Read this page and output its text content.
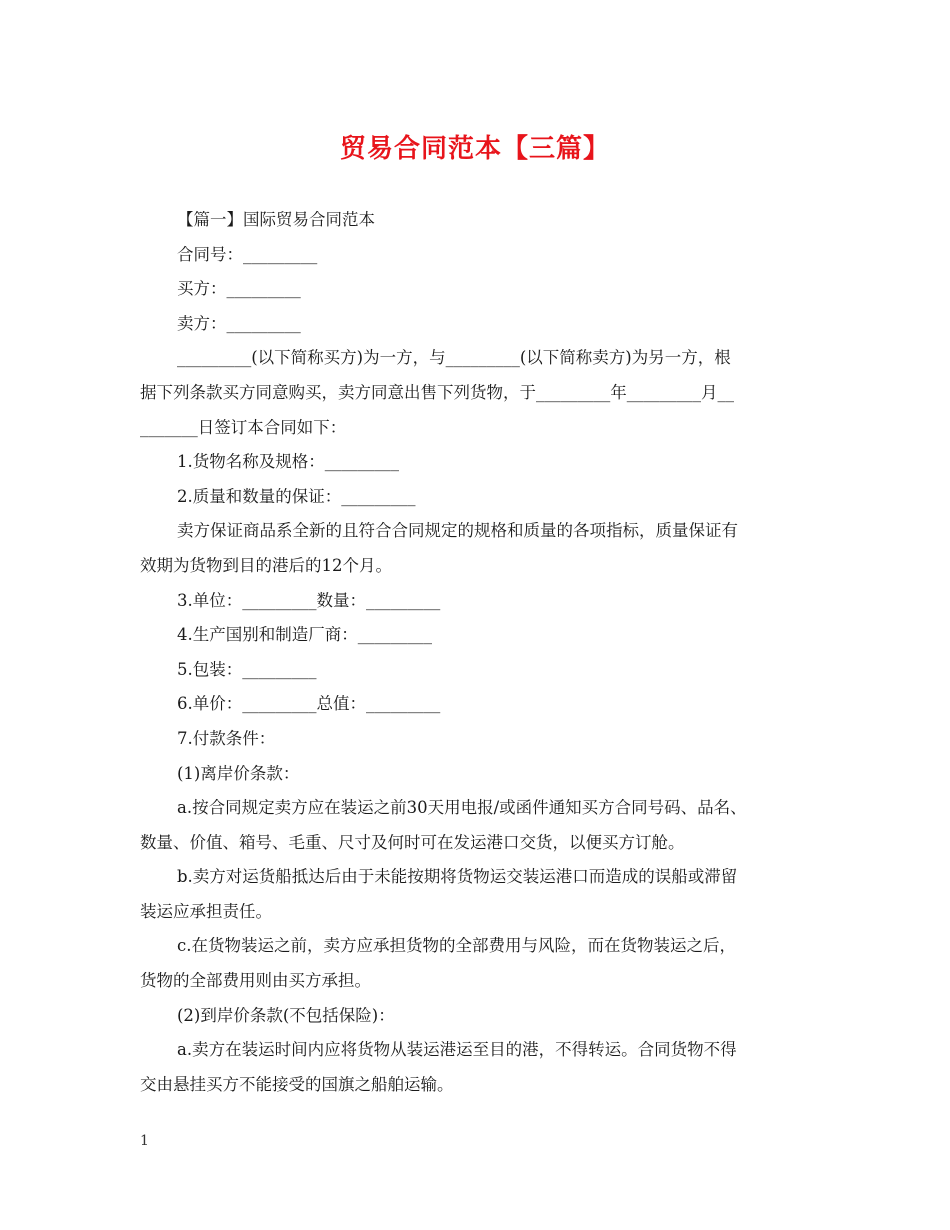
贸易合同范本【三篇】
【篇一】国际贸易合同范本
合同号：_________
买方：_________
卖方：_________
_________(以下简称买方)为一方，与_________(以下简称卖方)为另一方，根
据下列条款买方同意购买，卖方同意出售下列货物，于_________年_________月__
_______日签订本合同如下：
1.货物名称及规格：_________
2.质量和数量的保证：_________
卖方保证商品系全新的且符合合同规定的规格和质量的各项指标，质量保证有
效期为货物到目的港后的12个月。
3.单位：_________数量：_________
4.生产国别和制造厂商：_________
5.包装：_________
6.单价：_________总值：_________
7.付款条件：
(1)离岸价条款：
a.按合同规定卖方应在装运之前30天用电报/或函件通知买方合同号码、品名、
数量、价值、箱号、毛重、尺寸及何时可在发运港口交货，以便买方订舱。
b.卖方对运货船抵达后由于未能按期将货物运交装运港口而造成的误船或滞留
装运应承担责任。
c.在货物装运之前，卖方应承担货物的全部费用与风险，而在货物装运之后，
货物的全部费用则由买方承担。
(2)到岸价条款(不包括保险)：
a.卖方在装运时间内应将货物从装运港运至目的港，不得转运。合同货物不得
交由悬挂买方不能接受的国旗之船舶运输。
1
